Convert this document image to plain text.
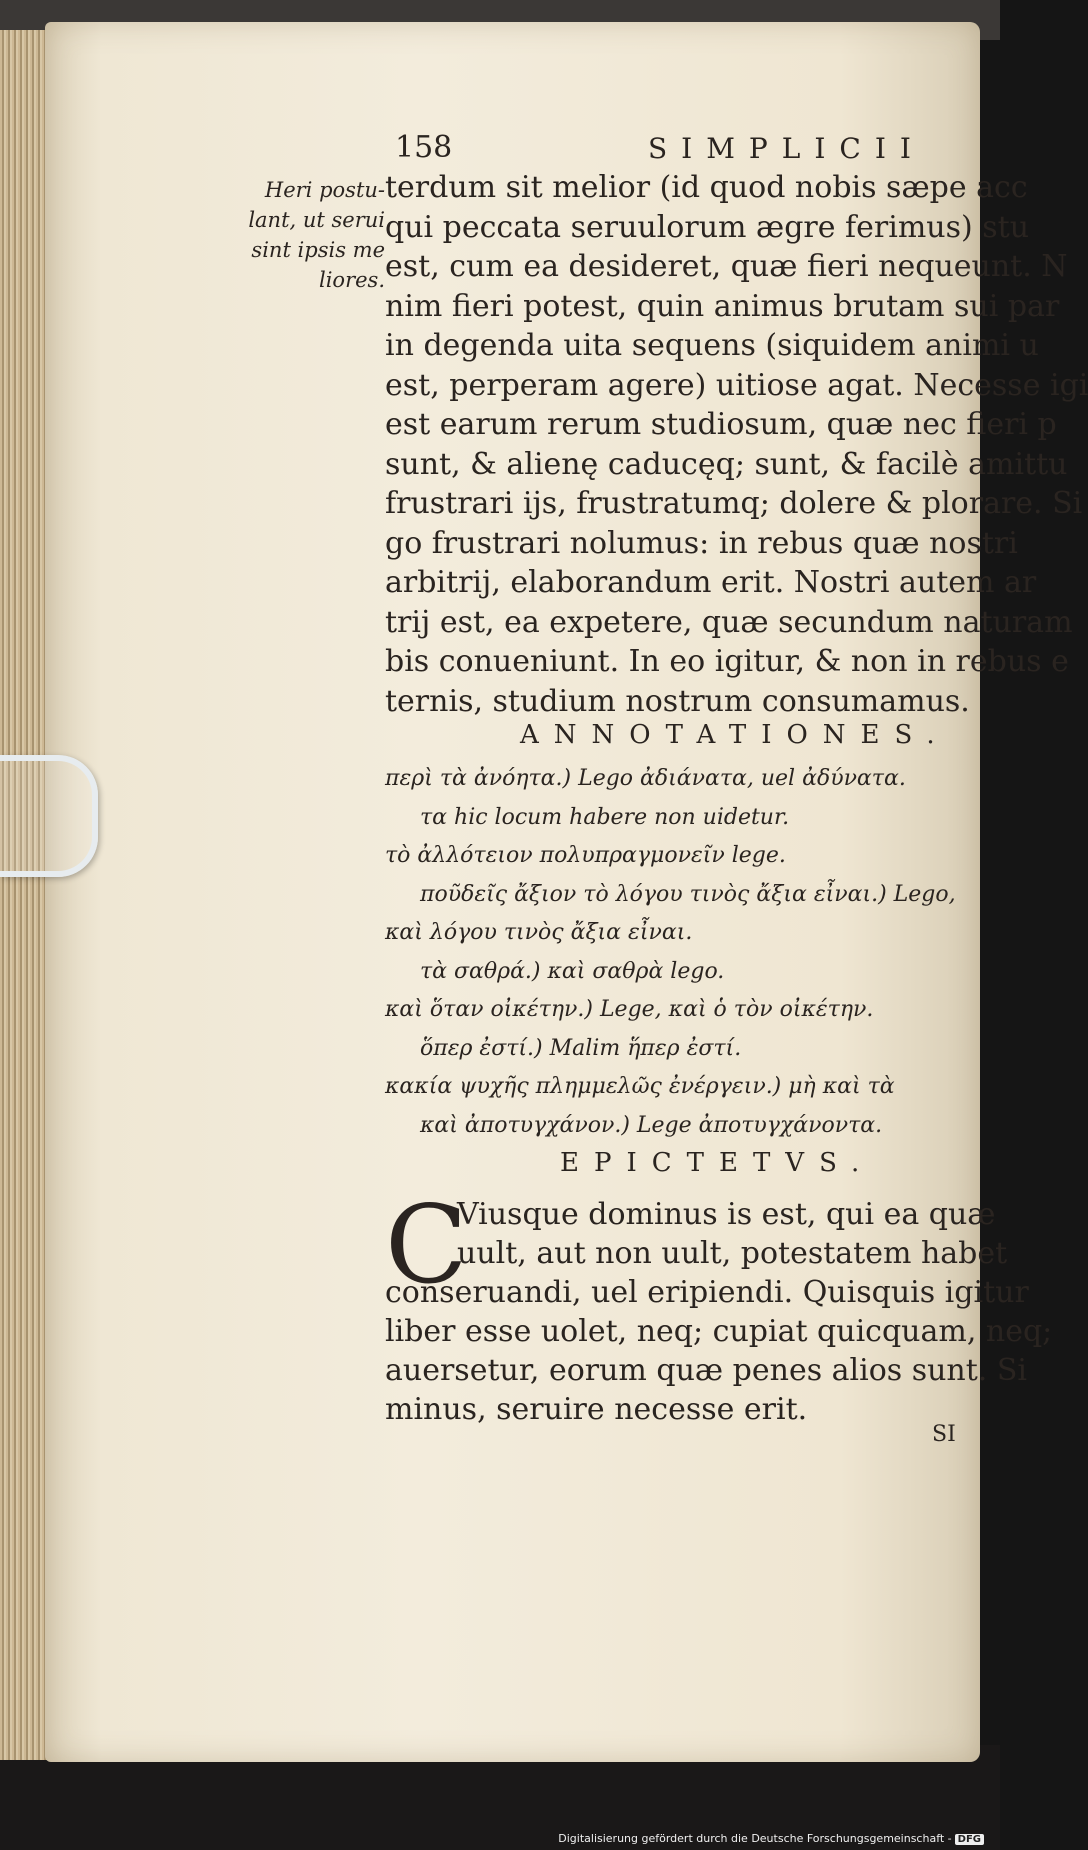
158	SIMPLICII
Heri postu-
lant, ut serui
sint ipsis me
liores.
terdum sit melior (id quod nobis sæpe acc
qui peccata seruulorum ægre ferimus) stu
est, cum ea desideret, quæ fieri nequeunt. N
nim fieri potest, quin animus brutam sui par
in degenda uita sequens (siquidem animi u
est, perperam agere) uitiose agat. Necesse igi
est earum rerum studiosum, quæ nec fieri p
sunt, & alienę caducęq; sunt, & facilè amittu
frustrari ijs, frustratumq; dolere & plorare. Si
go frustrari nolumus: in rebus quæ nostri
arbitrij, elaborandum erit. Nostri autem ar
trij est, ea expetere, quæ secundum naturam
bis conueniunt. In eo igitur, & non in rebus e
ternis, studium nostrum consumamus.
ANNOTATIONES.
περὶ τὰ ἀνόητα.) Lego ἀδιάνατα, uel ἀδύνατα.
τα hic locum habere non uidetur.
τὸ ἀλλότειον πολυπραγμονεῖν lege.
ποῦδεῖς ἄξιον τὸ λόγου τινὸς ἄξια εἶναι.) Lego,
καὶ λόγου τινὸς ἄξια εἶναι.
τὰ σαθρά.) καὶ σαθρὰ lego.
καὶ ὅταν οἰκέτην.) Lege, καὶ ὁ τὸν οἰκέτην.
ὅπερ ἐστί.) Malim ἥπερ ἐστί.
κακία ψυχῆς πλημμελῶς ἐνέργειν.) μὴ καὶ τὰ
καὶ ἀποτυγχάνον.) Lege ἀποτυγχάνοντα.
EPICTETVS.
C
Viusque dominus is est, qui ea quæ
uult, aut non uult, potestatem habet
conseruandi, uel eripiendi. Quisquis igitur
liber esse uolet, neq; cupiat quicquam, neq;
auersetur, eorum quæ penes alios sunt. Si
minus, seruire necesse erit.
SI
Digitalisierung gefördert durch die Deutsche Forschungsgemeinschaft - DFG
